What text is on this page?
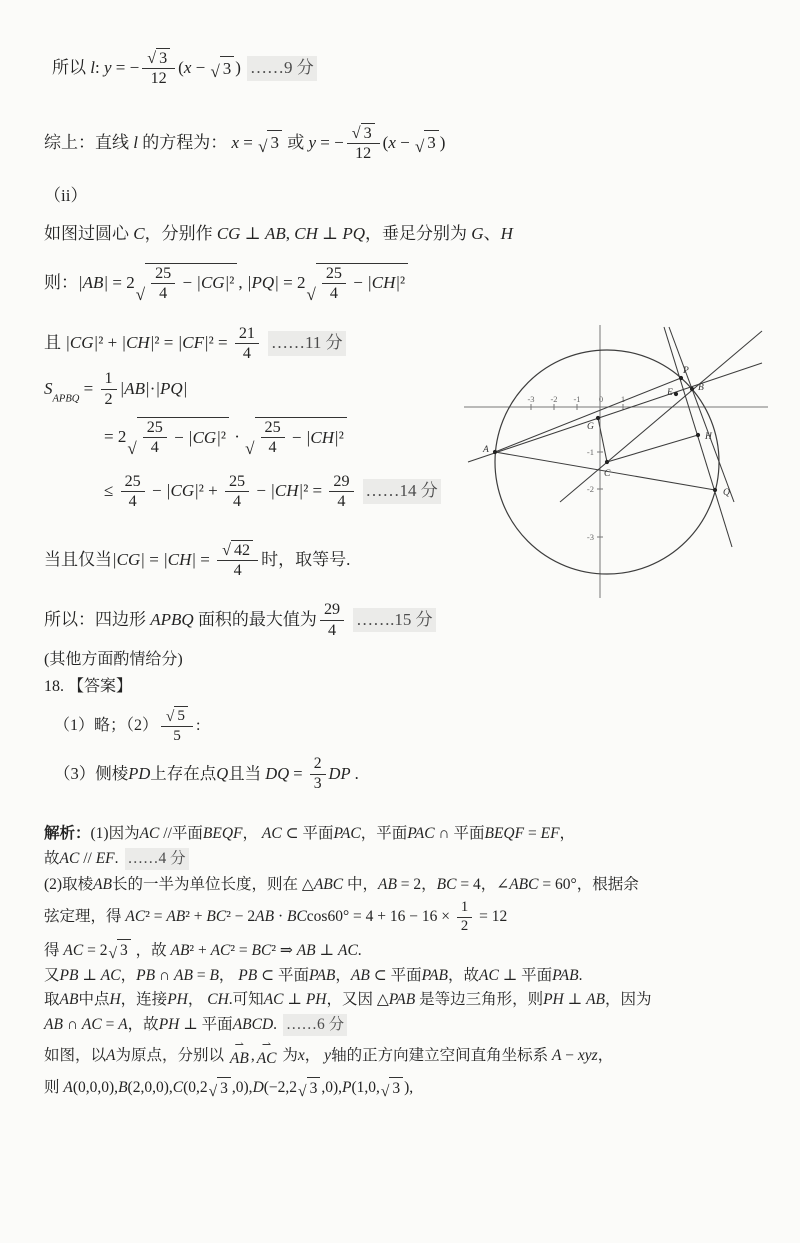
所以 l : y = − $\frac{√ 3}{12}$ ( x − √ 3 ) ……9 分
综上：直线 l 的方程为： x = √ 3 或 y = − $\frac{√ 3}{12}$ ( x − √ 3 )
（ii）
如图过圆心 C ，分别作 CG ⊥ AB , CH ⊥ PQ ，垂足分别为 G 、 H
则： |AB| = 2
√ $\frac{25}{4} - |CG|$ ² , |PQ| = 2
√ $\frac{25}{4} - |CH|$ ²
且 |CG| ² + |CH| ² = |CF| $^2 = \frac{21}{4}$ ……11 分
S
APBQ
= $\frac{1}{2} |AB| \cdot |PQ|$
= 2
√ $\frac{25}{4} - |CG|$ ² ·
√ $\frac{25}{4} - |CH|$ ²
≤ $\frac{25}{4} - |CG|$ $^2 + \frac{25}{4} - |CH|$ $^2 = \frac{29}{4}$ ……14 分
当且仅当 $|CG| = |CH| = \frac{√ 42}{4}$ 时，取等号.
所以：四边形 APBQ 面积的最大值为 $\frac{29}{4}$ …….15 分
(其他方面酌情给分)
18. 【答案】
（1）略；$(2) \frac{√ 5}{5}$ :
（3）侧棱 PD 上存在点 Q 且当 DQ = $\frac{2}{3}$ DP .
解析： (1)因为 AC //平面 BEQF ， AC ⊂ 平面 PAC ，平面 PAC ∩ 平面 BEQF = EF ，
故 AC // EF . ……4 分
(2)取棱 AB 长的一半为单位长度，则在 △ ABC 中， AB = 2， BC = 4，∠ ABC = 60°，根据余
弦定理，得 AC ² = AB ² + BC ² − 2 AB · BC $\cos 60^\circ = 4 + 16 - 16 \times \frac{1}{2} = 12$
得 AC = 2 √ 3 ，故 AB ² + AC ² = BC ² ⇒ AB ⊥ AC .
又 PB ⊥ AC ， PB ∩ AB = B ， PB ⊂ 平面 PAB ， AB ⊂ 平面 PAB ，故 AC ⊥ 平面 PAB .
取 AB 中点 H ，连接 PH ， CH .可知 AC ⊥ PH ，又因 △ PAB 是等边三角形，则 PH ⊥ AB ，因为
AB ∩ AC = A ，故 PH ⊥ 平面 ABCD . ……6 分
如图，以 A 为原点，分别以 ⇀ AB , ⇀ AC 为 x ， y 轴的正方向建立空间直角坐标系 A − xyz ，
则 A (0,0,0), B (2,0,0), C (0,2 √ 3 ,0), D (−2,2 √ 3 ,0), P (1,0, √ 3 ),
-3 -2 -1 0 1
-1
-2
-3
A
C
G
P
E	B
H
Q
